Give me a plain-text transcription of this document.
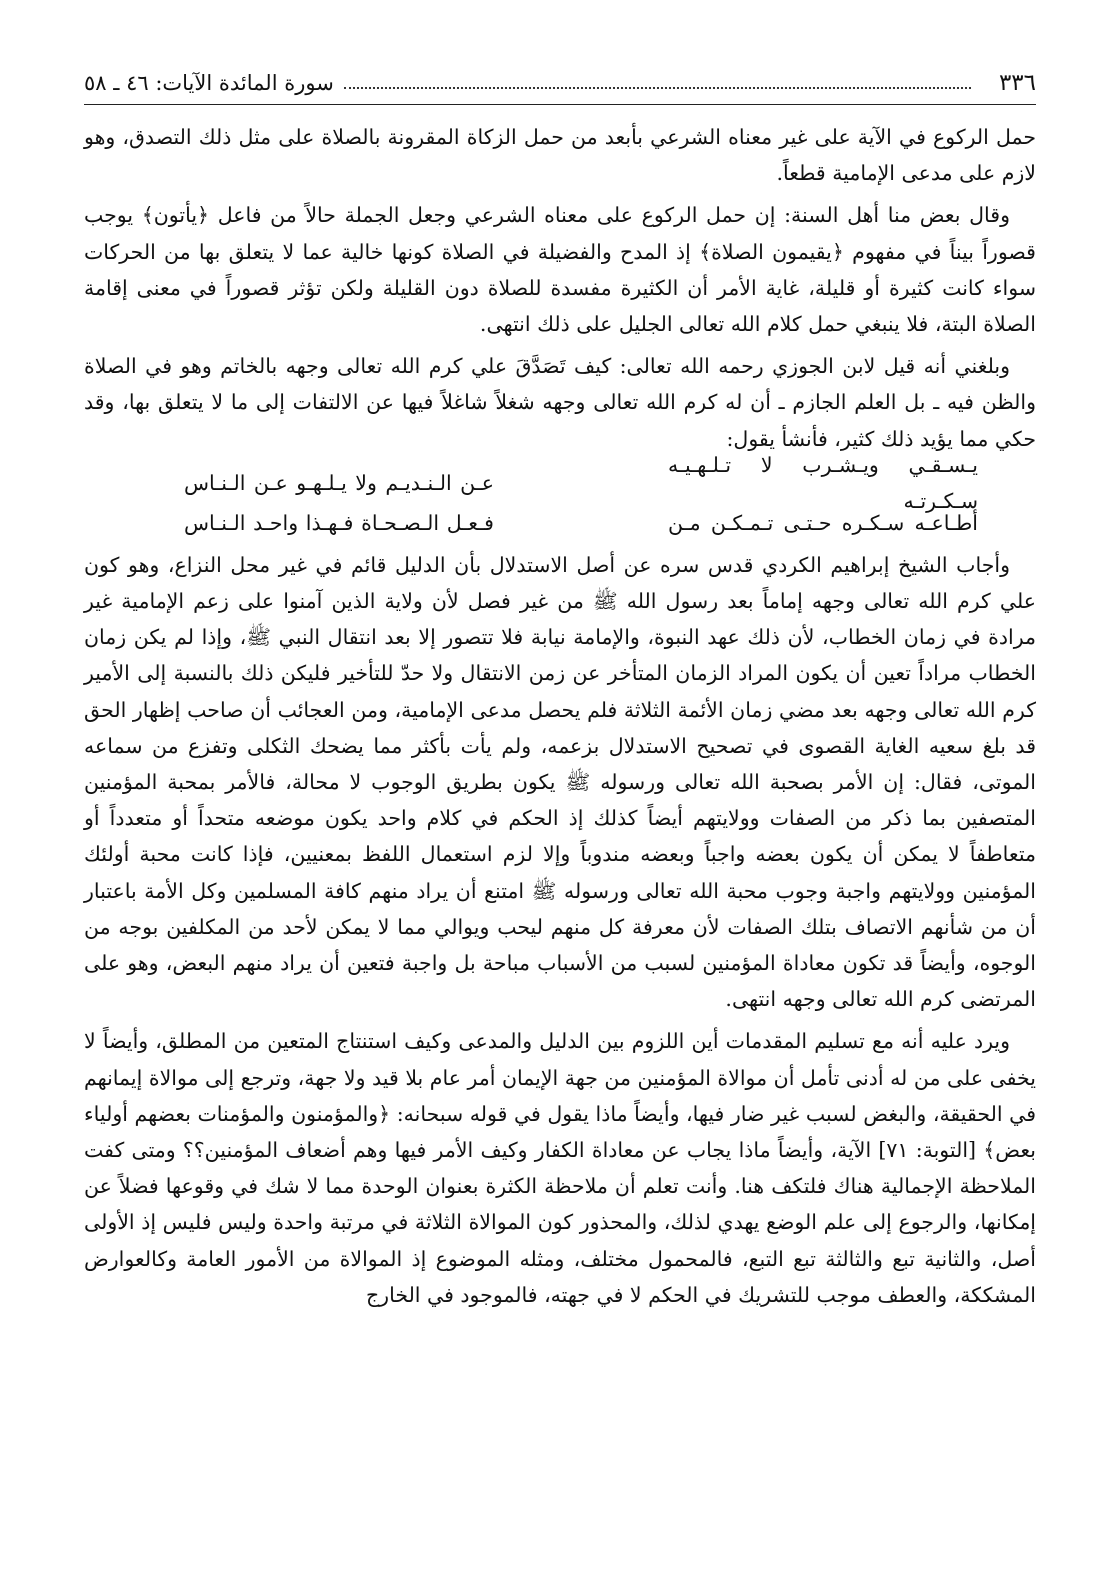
٣٣٦
سورة المائدة الآيات: ٤٦ ـ ٥٨

حمل الركوع في الآية على غير معناه الشرعي بأبعد من حمل الزكاة المقرونة بالصلاة على مثل ذلك التصدق، وهو لازم على مدعى الإمامية قطعاً.

وقال بعض منا أهل السنة: إن حمل الركوع على معناه الشرعي وجعل الجملة حالاً من فاعل ﴿يأتون﴾ يوجب قصوراً بيناً في مفهوم ﴿يقيمون الصلاة﴾ إذ المدح والفضيلة في الصلاة كونها خالية عما لا يتعلق بها من الحركات سواء كانت كثيرة أو قليلة، غاية الأمر أن الكثيرة مفسدة للصلاة دون القليلة ولكن تؤثر قصوراً في معنى إقامة الصلاة البتة، فلا ينبغي حمل كلام الله تعالى الجليل على ذلك انتهى.

وبلغني أنه قيل لابن الجوزي رحمه الله تعالى: كيف تَصَدَّقَ علي كرم الله تعالى وجهه بالخاتم وهو في الصلاة والظن فيه ـ بل العلم الجازم ـ أن له كرم الله تعالى وجهه شغلاً شاغلاً فيها عن الالتفات إلى ما لا يتعلق بها، وقد حكي مما يؤيد ذلك كثير، فأنشأ يقول:

يـسـقـي ويـشـرب لا تـلـهـيـه سـكـرتـه
عـن الـنـديـم ولا يـلـهـو عـن الـنـاس
أطـاعـه سـكـره حـتـى تـمـكـن مـن
فـعـل الـصـحـاة فـهـذا واحـد الـنـاس

وأجاب الشيخ إبراهيم الكردي قدس سره عن أصل الاستدلال بأن الدليل قائم في غير محل النزاع، وهو كون علي كرم الله تعالى وجهه إماماً بعد رسول الله ﷺ من غير فصل لأن ولاية الذين آمنوا على زعم الإمامية غير مرادة في زمان الخطاب، لأن ذلك عهد النبوة، والإمامة نيابة فلا تتصور إلا بعد انتقال النبي ﷺ، وإذا لم يكن زمان الخطاب مراداً تعين أن يكون المراد الزمان المتأخر عن زمن الانتقال ولا حدّ للتأخير فليكن ذلك بالنسبة إلى الأمير كرم الله تعالى وجهه بعد مضي زمان الأئمة الثلاثة فلم يحصل مدعى الإمامية، ومن العجائب أن صاحب إظهار الحق قد بلغ سعيه الغاية القصوى في تصحيح الاستدلال بزعمه، ولم يأت بأكثر مما يضحك الثكلى وتفزع من سماعه الموتى، فقال: إن الأمر بصحبة الله تعالى ورسوله ﷺ يكون بطريق الوجوب لا محالة، فالأمر بمحبة المؤمنين المتصفين بما ذكر من الصفات وولايتهم أيضاً كذلك إذ الحكم في كلام واحد يكون موضعه متحداً أو متعدداً أو متعاطفاً لا يمكن أن يكون بعضه واجباً وبعضه مندوباً وإلا لزم استعمال اللفظ بمعنيين، فإذا كانت محبة أولئك المؤمنين وولايتهم واجبة وجوب محبة الله تعالى ورسوله ﷺ امتنع أن يراد منهم كافة المسلمين وكل الأمة باعتبار أن من شأنهم الاتصاف بتلك الصفات لأن معرفة كل منهم ليحب ويوالي مما لا يمكن لأحد من المكلفين بوجه من الوجوه، وأيضاً قد تكون معاداة المؤمنين لسبب من الأسباب مباحة بل واجبة فتعين أن يراد منهم البعض، وهو على المرتضى كرم الله تعالى وجهه انتهى.

ويرد عليه أنه مع تسليم المقدمات أين اللزوم بين الدليل والمدعى وكيف استنتاج المتعين من المطلق، وأيضاً لا يخفى على من له أدنى تأمل أن موالاة المؤمنين من جهة الإيمان أمر عام بلا قيد ولا جهة، وترجع إلى موالاة إيمانهم في الحقيقة، والبغض لسبب غير ضار فيها، وأيضاً ماذا يقول في قوله سبحانه: ﴿والمؤمنون والمؤمنات بعضهم أولياء بعض﴾ [التوبة: ٧١] الآية، وأيضاً ماذا يجاب عن معاداة الكفار وكيف الأمر فيها وهم أضعاف المؤمنين؟؟ ومتى كفت الملاحظة الإجمالية هناك فلتكف هنا. وأنت تعلم أن ملاحظة الكثرة بعنوان الوحدة مما لا شك في وقوعها فضلاً عن إمكانها، والرجوع إلى علم الوضع يهدي لذلك، والمحذور كون الموالاة الثلاثة في مرتبة واحدة وليس فليس إذ الأولى أصل، والثانية تبع والثالثة تبع التبع، فالمحمول مختلف، ومثله الموضوع إذ الموالاة من الأمور العامة وكالعوارض المشككة، والعطف موجب للتشريك في الحكم لا في جهته، فالموجود في الخارج
